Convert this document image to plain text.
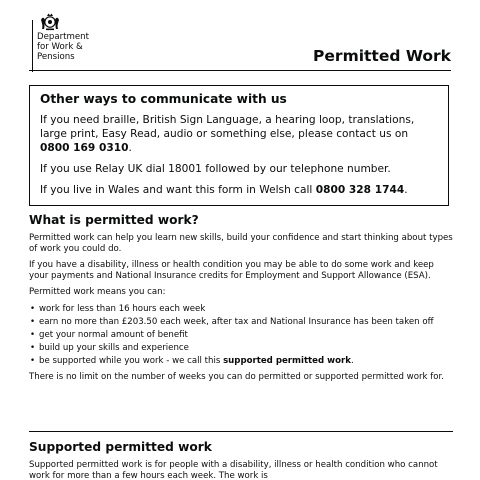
Department
for Work &
Pensions	Permitted Work
Other ways to communicate with us

If you need braille, British Sign Language, a hearing loop, translations, large print, Easy Read, audio or something else, please contact us on 0800 169 0310.

If you use Relay UK dial 18001 followed by our telephone number.

If you live in Wales and want this form in Welsh call 0800 328 1744.

What is permitted work?

Permitted work can help you learn new skills, build your confidence and start thinking about types of work you could do.

If you have a disability, illness or health condition you may be able to do some work and keep your payments and National Insurance credits for Employment and Support Allowance (ESA).

Permitted work means you can:

• work for less than 16 hours each week
• earn no more than £203.50 each week, after tax and National Insurance has been taken off
• get your normal amount of benefit
• build up your skills and experience
• be supported while you work - we call this supported permitted work.

There is no limit on the number of weeks you can do permitted or supported permitted work for.

Supported permitted work

Supported permitted work is for people with a disability, illness or health condition who cannot work for more than a few hours each week. The work is
